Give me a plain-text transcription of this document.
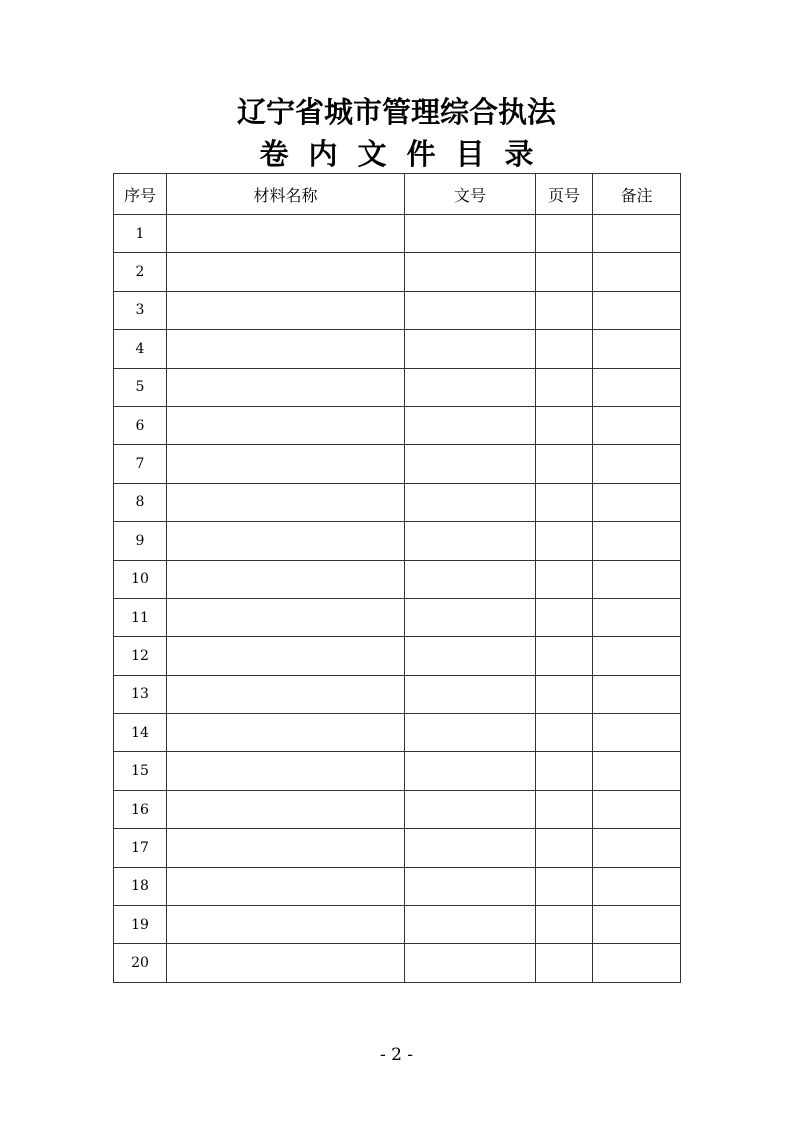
辽宁省城市管理综合执法
卷内文件目录
序号	材料名称	文号	页号	备注
1				
2				
3				
4				
5				
6				
7				
8				
9				
10				
11				
12				
13				
14				
15				
16				
17				
18				
19				
20				
- 2 -
